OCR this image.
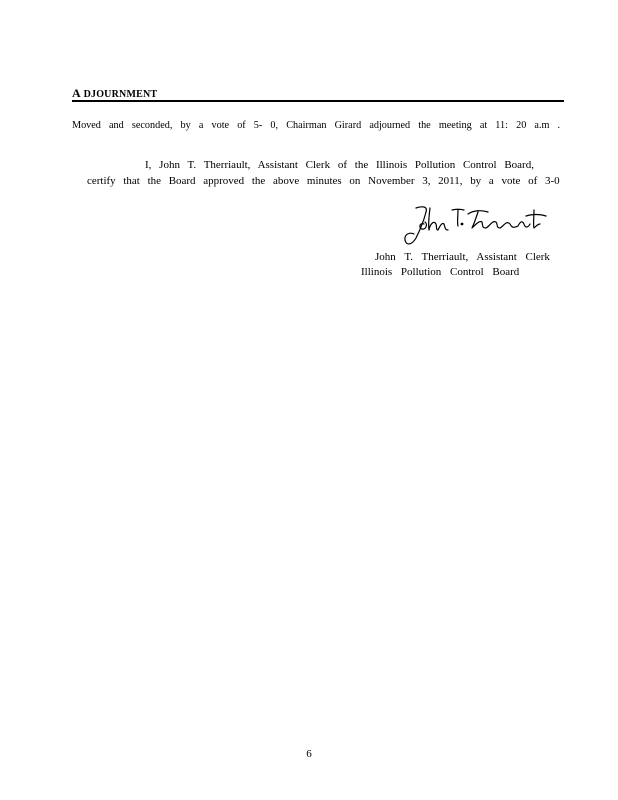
A DJOURNMENT
Moved and seconded, by a vote of 5- 0, Chairman Girard adjourned the meeting at 11: 20 a.m .
I, John T. Therriault, Assistant Clerk of the Illinois Pollution Control Board,
certify that the Board approved the above minutes on November 3, 2011, by a vote of 3-0
John T. Therriault, Assistant Clerk
Illinois Pollution Control Board
6
